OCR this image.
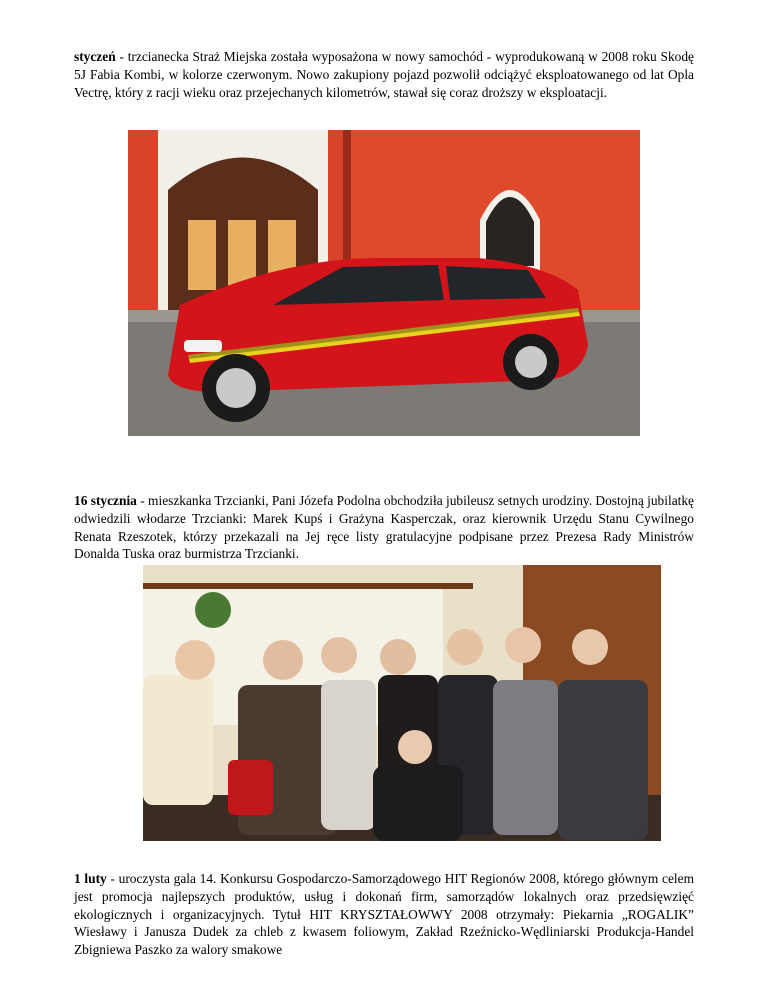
styczeń - trzcianecka Straż Miejska została wyposażona w nowy samochód - wyprodukowaną w 2008 roku Skodę 5J Fabia Kombi, w kolorze czerwonym. Nowo zakupiony pojazd pozwolił odciążyć eksploatowanego od lat Opla Vectrę, który z racji wieku oraz przejechanych kilometrów, stawał się coraz droższy w eksploatacji.

16 stycznia - mieszkanka Trzcianki, Pani Józefa Podolna obchodziła jubileusz setnych urodziny. Dostojną jubilatkę odwiedzili włodarze Trzcianki: Marek Kupś i Grażyna Kasperczak, oraz kierownik Urzędu Stanu Cywilnego Renata Rzeszotek, którzy przekazali na Jej ręce listy gratulacyjne podpisane przez Prezesa Rady Ministrów Donalda Tuska oraz burmistrza Trzcianki.

1 luty - uroczysta gala 14. Konkursu Gospodarczo-Samorządowego HIT Regionów 2008, którego głównym celem jest promocja najlepszych produktów, usług i dokonań firm, samorządów lokalnych oraz przedsięwzięć ekologicznych i organizacyjnych. Tytuł HIT KRYSZTAŁOWWY 2008 otrzymały: Piekarnia „ROGALIK” Wiesławy i Janusza Dudek za chleb z kwasem foliowym, Zakład Rzeźnicko-Wędliniarski Produkcja-Handel Zbigniewa Paszko za walory smakowe
